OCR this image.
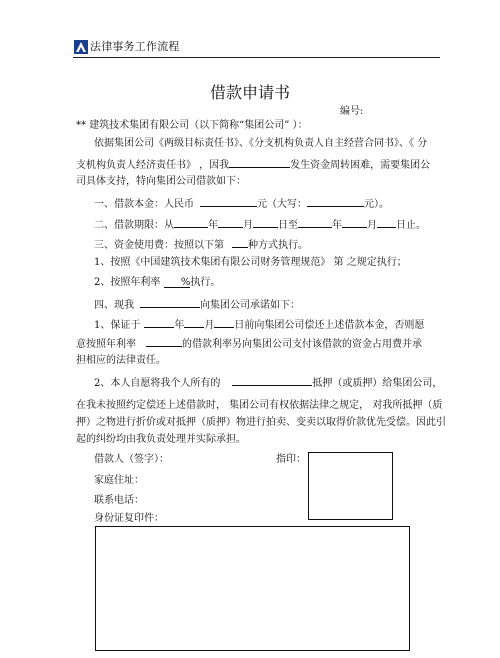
法律事务工作流程
借款申请书
编号:
** 建筑技术集团有限公司（以下简称“集团公司” ）：
依据集团公司《两级目标责任书》、《分支机构负责人自主经营合同书》、《 分
支机构负责人经济责任书》 ，因我	发生资金周转困难，需要集团公
司具体支持，特向集团公司借款如下：
一、借款本金：人民币	元（大写：	元）。
二、借款期限：从	年	月	日至	年	月 日止。
三、资金使用费：按照以下第 种方式执行。
1、按照《中国建筑技术集团有限公司财务管理规范》 第 之规定执行；
2、按照年利率 %执行。
四、现我	向集团公司承诺如下：
1、保证于	年 月 日前向集团公司偿还上述借款本金，否则愿
意按照年利率	的借款利率另向集团公司支付该借款的资金占用费并承
担相应的法律责任。
2、本人自愿将我个人所有的	抵押（或质押）给集团公司，
在我未按照约定偿还上述借款时， 集团公司有权依据法律之规定， 对我所抵押（质
押）之物进行折价或对抵押（质押）物进行拍卖、变卖以取得价款优先受偿。因此引
起的纠纷均由我负责处理并实际承担。
借款人（签字）：	指印：
家庭住址：
联系电话：
身份证复印件：
